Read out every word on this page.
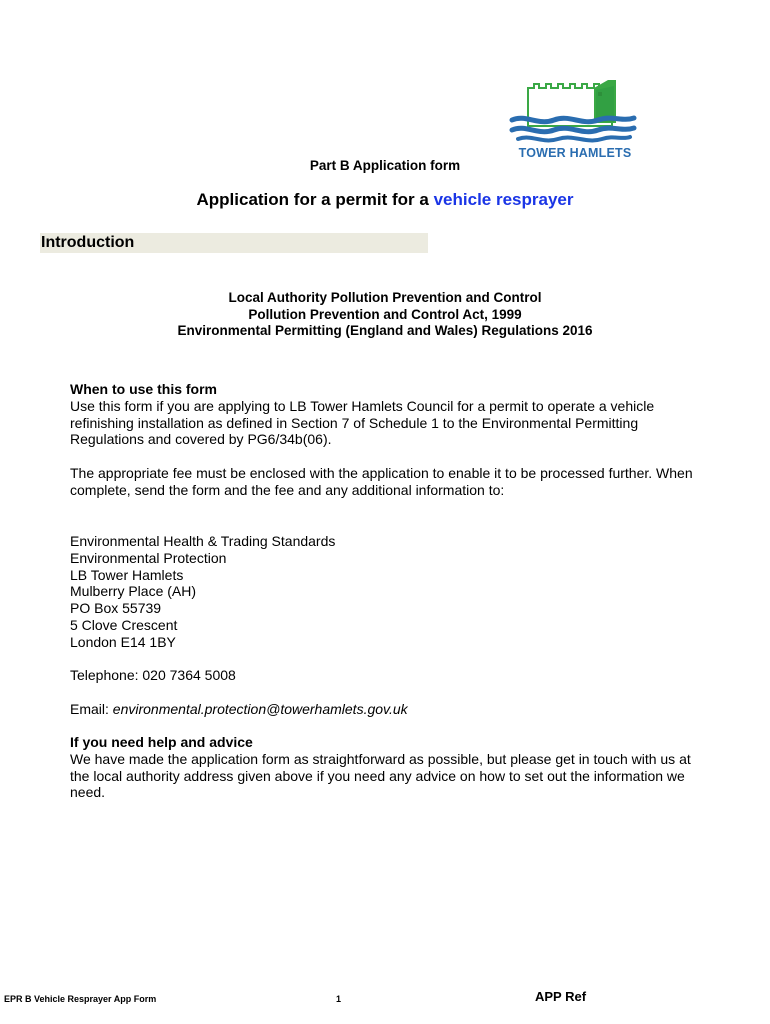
TOWER HAMLETS
Part B Application form
Application for a permit for a vehicle resprayer
Introduction
Local Authority Pollution Prevention and Control
Pollution Prevention and Control Act, 1999
Environmental Permitting (England and Wales) Regulations 2016

When to use this form

Use this form if you are applying to LB Tower Hamlets Council for a permit to operate a vehicle refinishing installation as defined in Section 7 of Schedule 1 to the Environmental Permitting Regulations and covered by PG6/34b(06).

The appropriate fee must be enclosed with the application to enable it to be processed further. When complete, send the form and the fee and any additional information to:

Environmental Health & Trading Standards

Environmental Protection

LB Tower Hamlets

Mulberry Place (AH)

PO Box 55739

5 Clove Crescent

London E14 1BY

Telephone: 020 7364 5008
Email: environmental.protection@towerhamlets.gov.uk

If you need help and advice

We have made the application form as straightforward as possible, but please get in touch with us at the local authority address given above if you need any advice on how to set out the information we need.

EPR B Vehicle Resprayer App Form	1	APP Ref
